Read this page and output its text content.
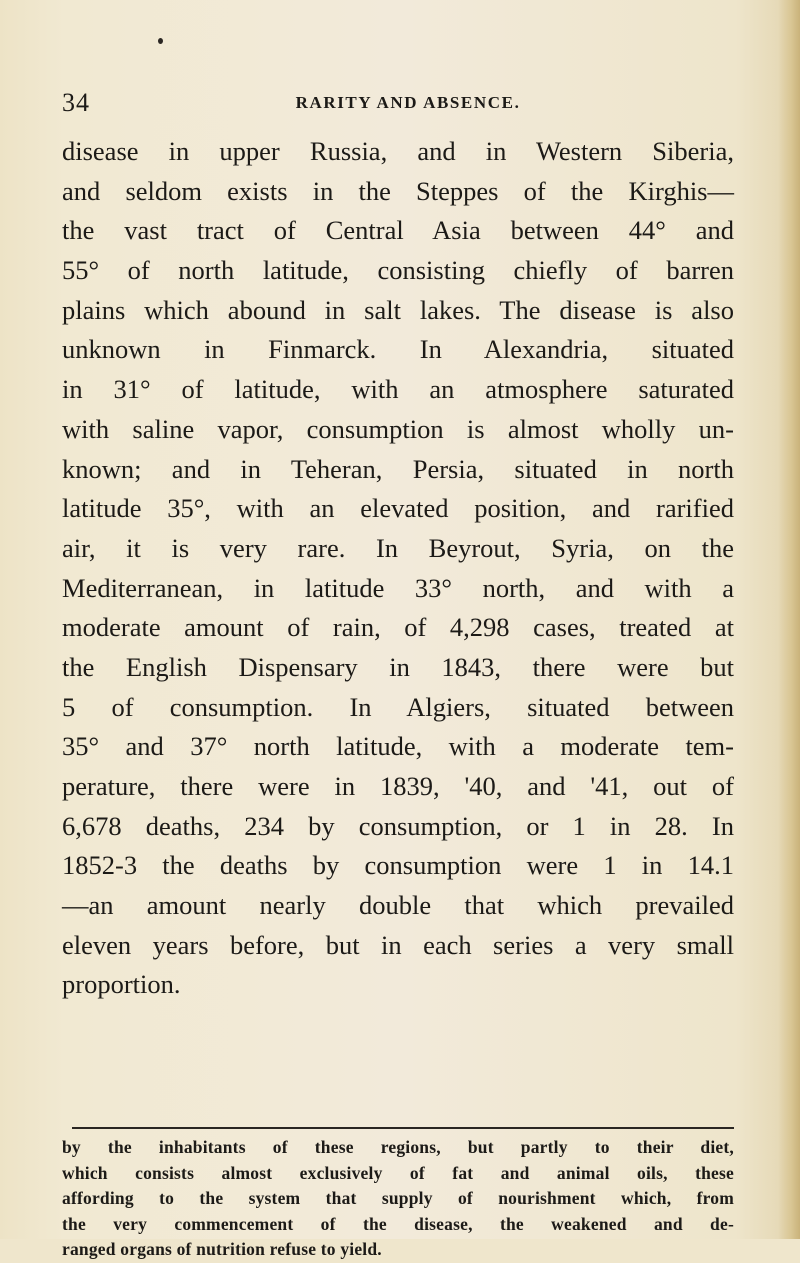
34	RARITY AND ABSENCE.
disease in upper Russia, and in Western Siberia,
and seldom exists in the Steppes of the Kirghis—
the vast tract of Central Asia between 44° and
55° of north latitude, consisting chiefly of barren
plains which abound in salt lakes. The disease is also
unknown in Finmarck. In Alexandria, situated
in 31° of latitude, with an atmosphere saturated
with saline vapor, consumption is almost wholly un-
known; and in Teheran, Persia, situated in north
latitude 35°, with an elevated position, and rarified
air, it is very rare. In Beyrout, Syria, on the
Mediterranean, in latitude 33° north, and with a
moderate amount of rain, of 4,298 cases, treated at
the English Dispensary in 1843, there were but
5 of consumption. In Algiers, situated between
35° and 37° north latitude, with a moderate tem-
perature, there were in 1839, '40, and '41, out of
6,678 deaths, 234 by consumption, or 1 in 28. In
1852-3 the deaths by consumption were 1 in 14.1
—an amount nearly double that which prevailed
eleven years before, but in each series a very small
proportion.
by the inhabitants of these regions, but partly to their diet,
which consists almost exclusively of fat and animal oils, these
affording to the system that supply of nourishment which, from
the very commencement of the disease, the weakened and de-
ranged organs of nutrition refuse to yield.
